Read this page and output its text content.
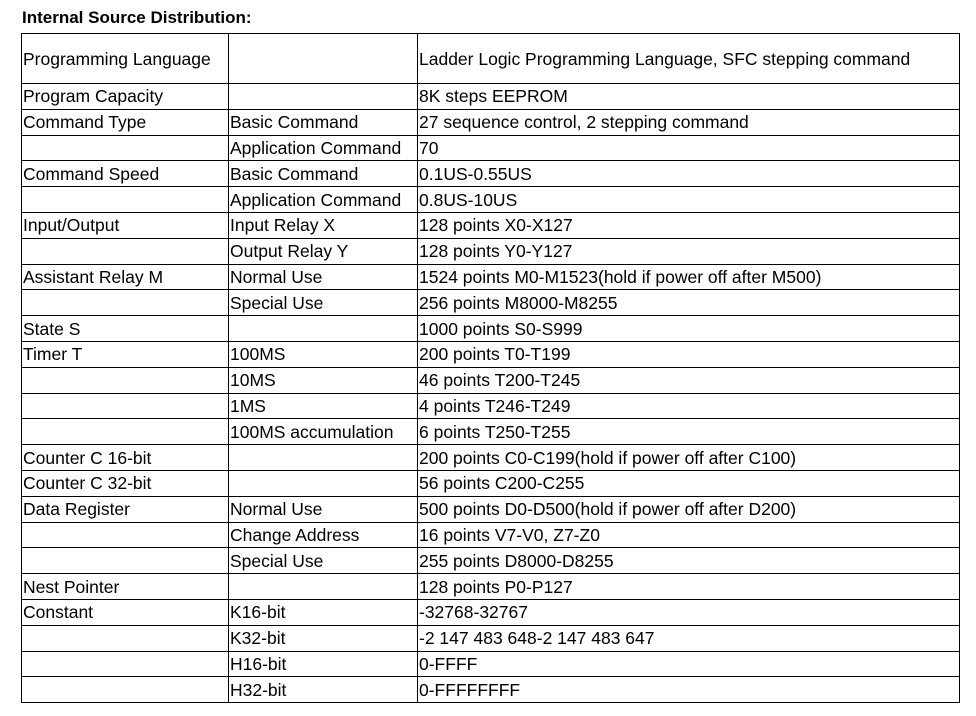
Internal Source Distribution:
Programming Language		Ladder Logic Programming Language, SFC stepping command
Program Capacity		8K steps EEPROM
Command Type	Basic Command	27 sequence control, 2 stepping command
	Application Command	70
Command Speed	Basic Command	0.1US-0.55US
	Application Command	0.8US-10US
Input/Output	Input Relay X	128 points X0-X127
	Output Relay Y	128 points Y0-Y127
Assistant Relay M	Normal Use	1524 points M0-M1523(hold if power off after M500)
	Special Use	256 points M8000-M8255
State S		1000 points S0-S999
Timer T	100MS	200 points T0-T199
	10MS	46 points T200-T245
	1MS	4 points T246-T249
	100MS accumulation	6 points T250-T255
Counter C 16-bit		200 points C0-C199(hold if power off after C100)
Counter C 32-bit		56 points C200-C255
Data Register	Normal Use	500 points D0-D500(hold if power off after D200)
	Change Address	16 points V7-V0, Z7-Z0
	Special Use	255 points D8000-D8255
Nest Pointer		128 points P0-P127
Constant	K16-bit	-32768-32767
	K32-bit	-2 147 483 648-2 147 483 647
	H16-bit	0-FFFF
	H32-bit	0-FFFFFFFF
